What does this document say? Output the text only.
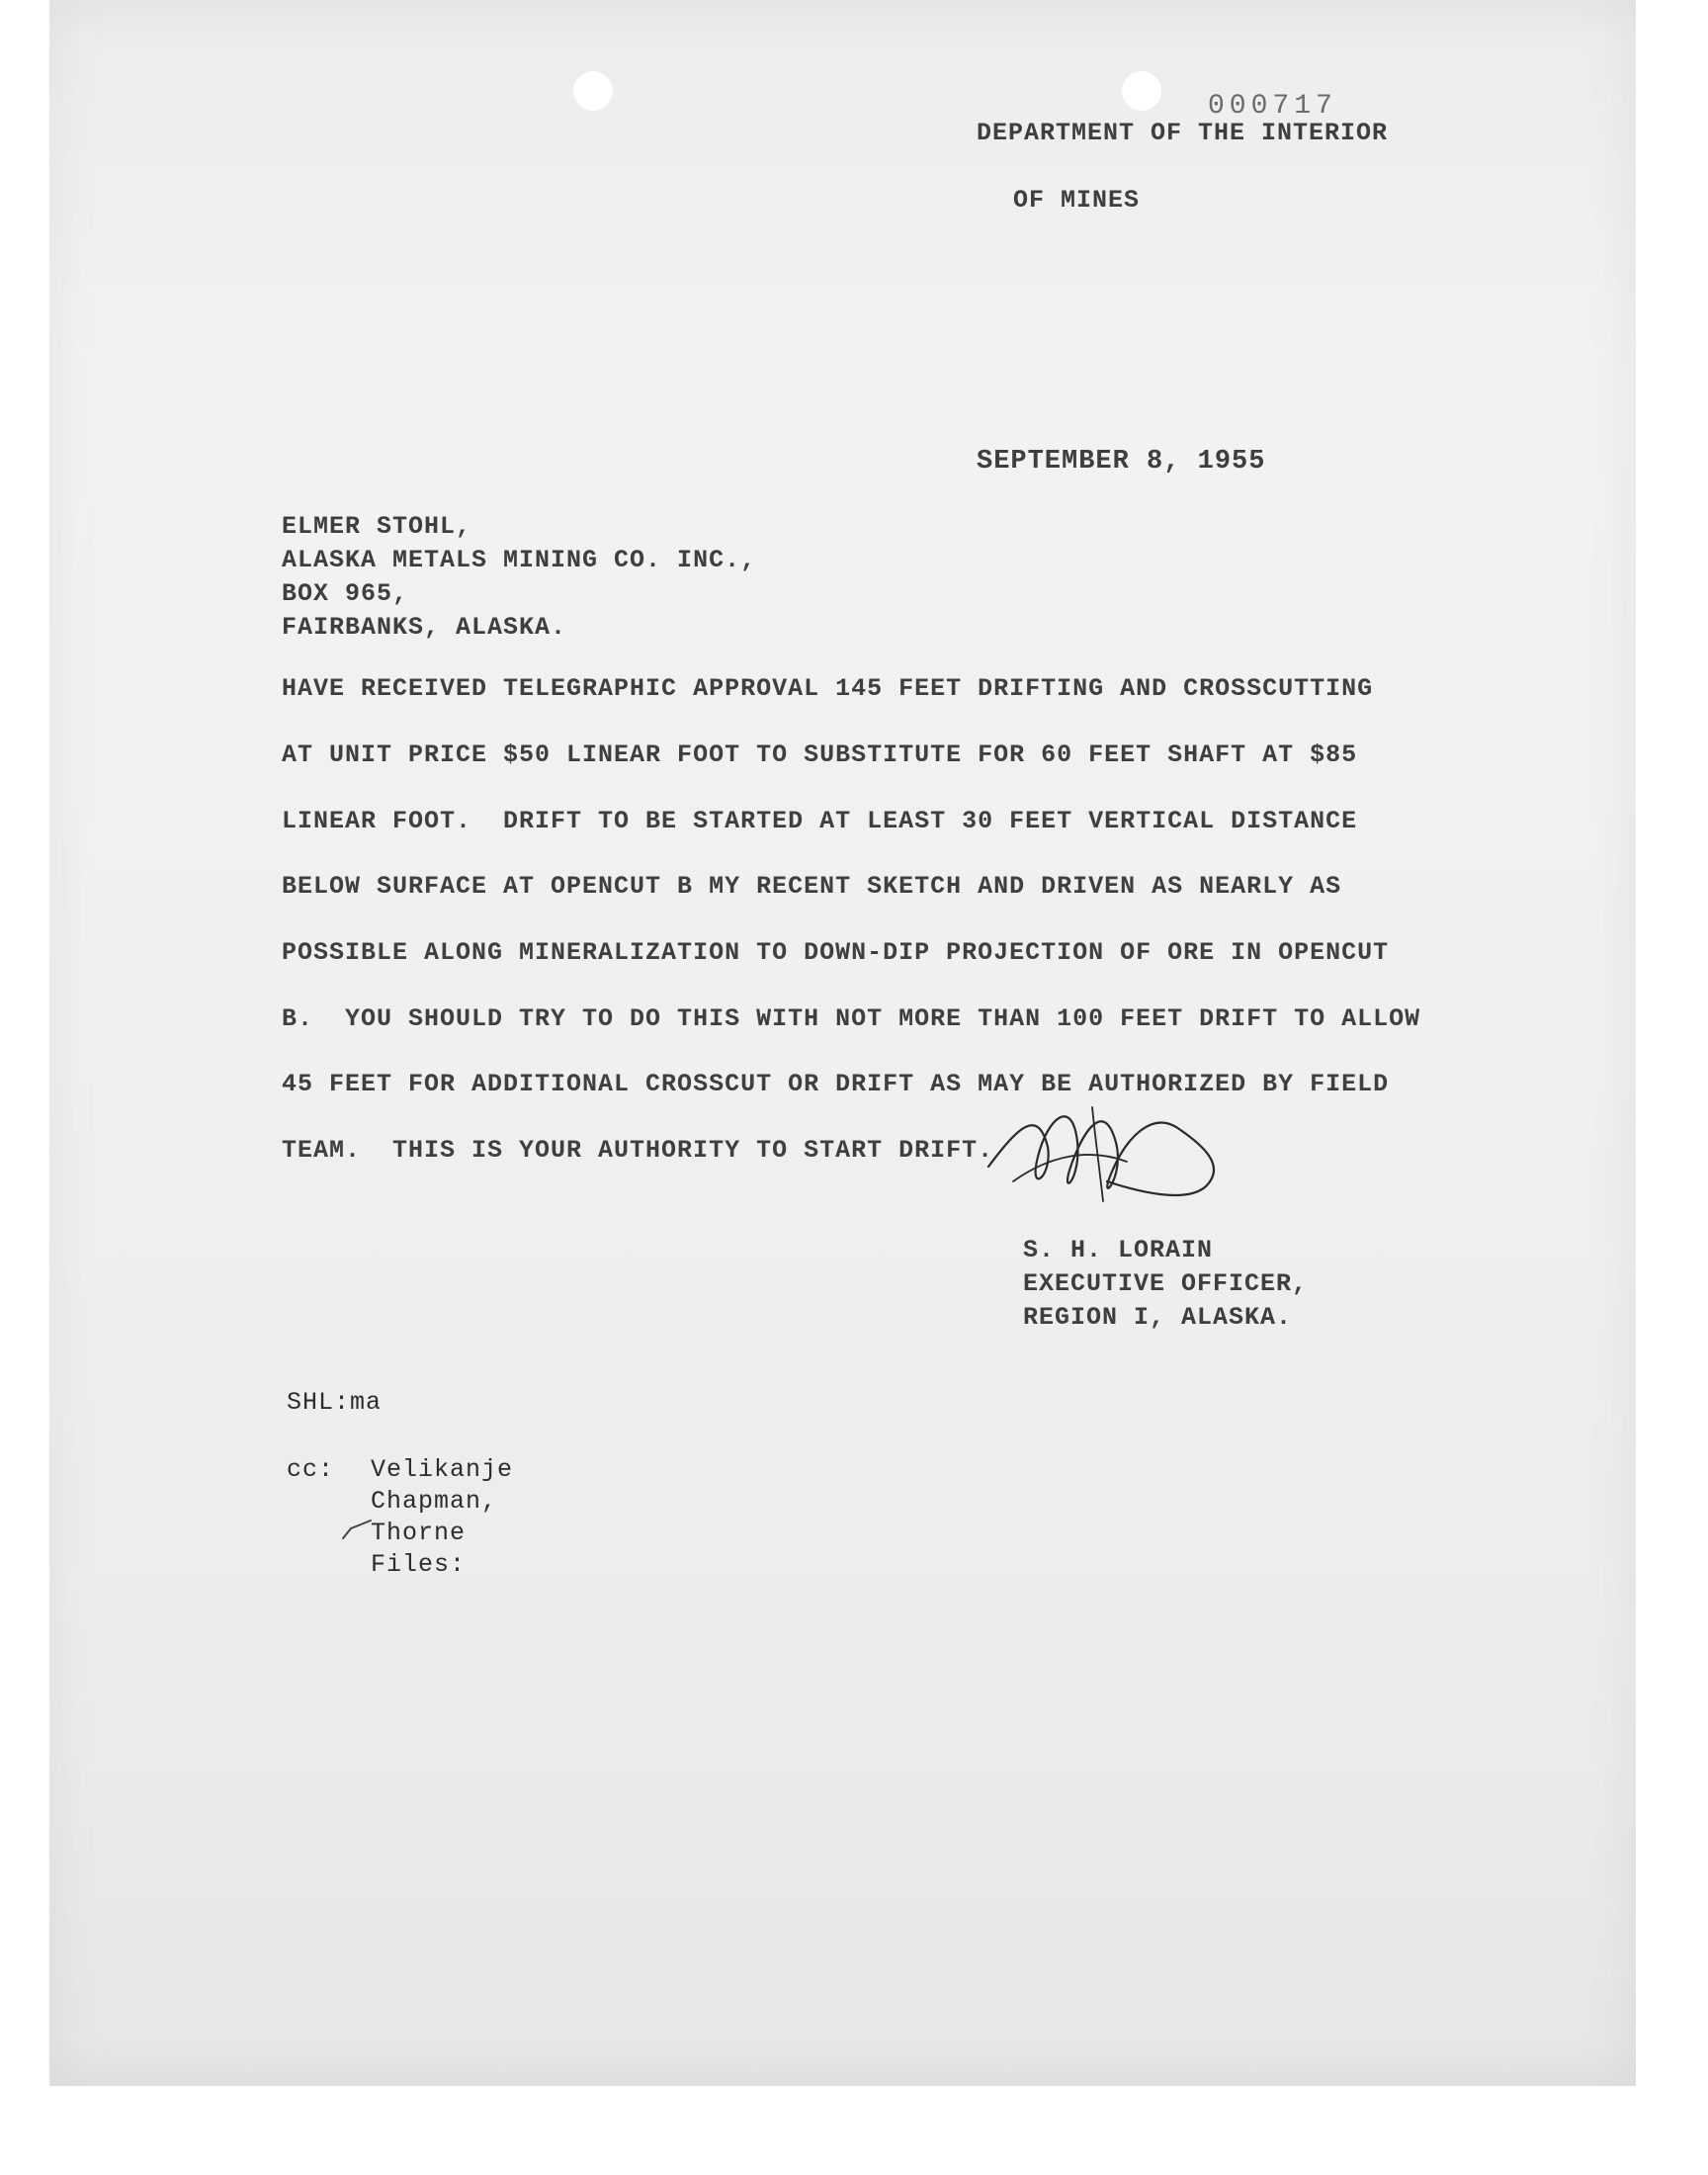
000717
DEPARTMENT OF THE INTERIOR
OF MINES
SEPTEMBER 8, 1955
ELMER STOHL,
ALASKA METALS MINING CO. INC.,
BOX 965,
FAIRBANKS, ALASKA.
HAVE RECEIVED TELEGRAPHIC APPROVAL 145 FEET DRIFTING AND CROSSCUTTING
AT UNIT PRICE $50 LINEAR FOOT TO SUBSTITUTE FOR 60 FEET SHAFT AT $85
LINEAR FOOT.  DRIFT TO BE STARTED AT LEAST 30 FEET VERTICAL DISTANCE
BELOW SURFACE AT OPENCUT B MY RECENT SKETCH AND DRIVEN AS NEARLY AS
POSSIBLE ALONG MINERALIZATION TO DOWN-DIP PROJECTION OF ORE IN OPENCUT
B.  YOU SHOULD TRY TO DO THIS WITH NOT MORE THAN 100 FEET DRIFT TO ALLOW
45 FEET FOR ADDITIONAL CROSSCUT OR DRIFT AS MAY BE AUTHORIZED BY FIELD
TEAM.  THIS IS YOUR AUTHORITY TO START DRIFT.
S. H. LORAIN
EXECUTIVE OFFICER,
REGION I, ALASKA.
SHL:ma
cc: Velikanje
Chapman,
Thorne
Files:
